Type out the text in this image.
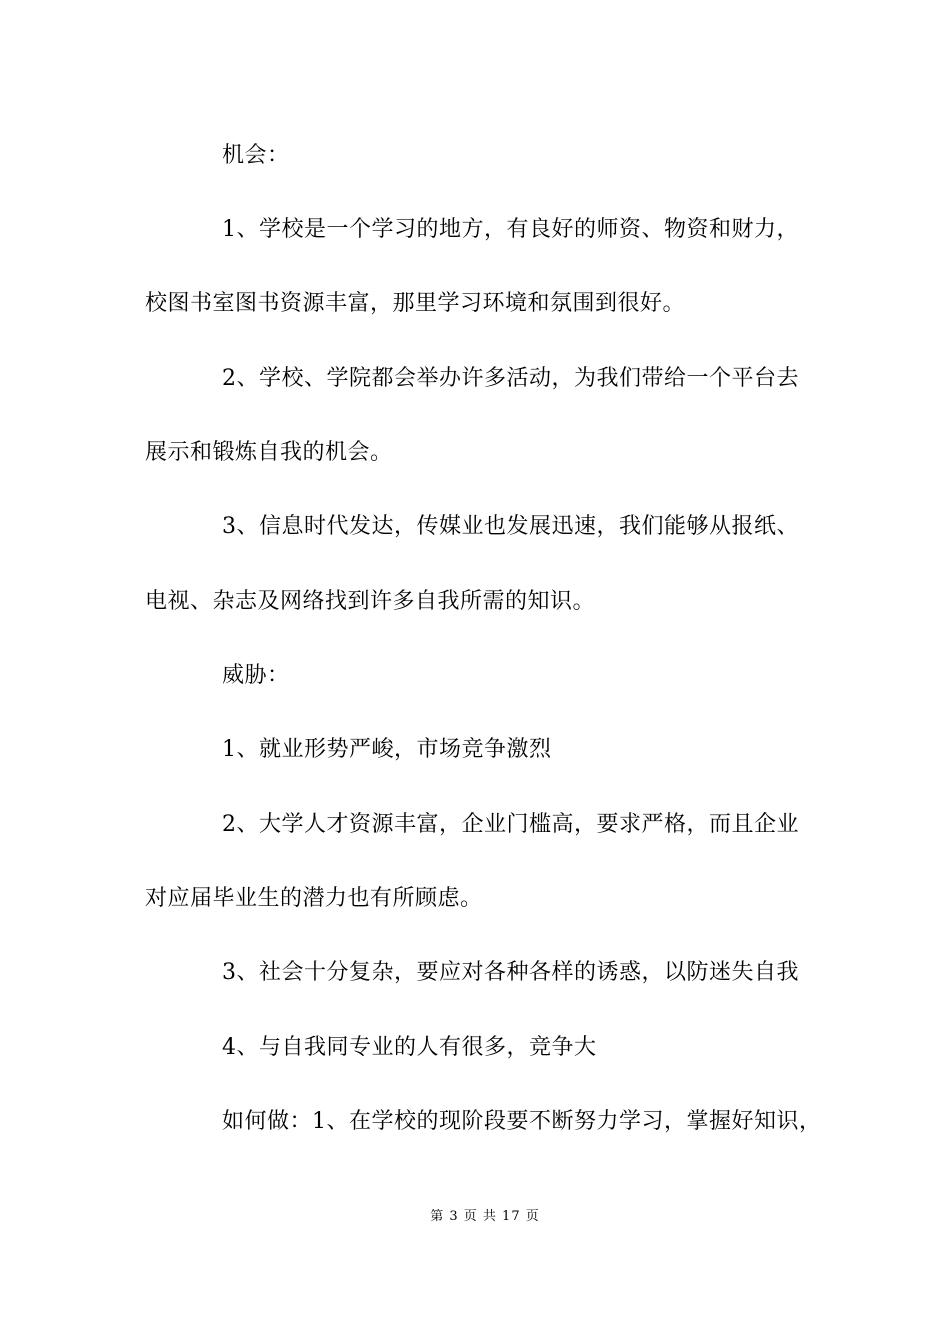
机会：
1、学校是一个学习的地方，有良好的师资、物资和财力，
校图书室图书资源丰富，那里学习环境和氛围到很好。
2、学校、学院都会举办许多活动，为我们带给一个平台去
展示和锻炼自我的机会。
3、信息时代发达，传媒业也发展迅速，我们能够从报纸、
电视、杂志及网络找到许多自我所需的知识。
威胁：
1、就业形势严峻，市场竞争激烈
2、大学人才资源丰富，企业门槛高，要求严格，而且企业
对应届毕业生的潜力也有所顾虑。
3、社会十分复杂，要应对各种各样的诱惑，以防迷失自我
4、与自我同专业的人有很多，竞争大
如何做：1、在学校的现阶段要不断努力学习，掌握好知识，
第 3 页 共 17 页
